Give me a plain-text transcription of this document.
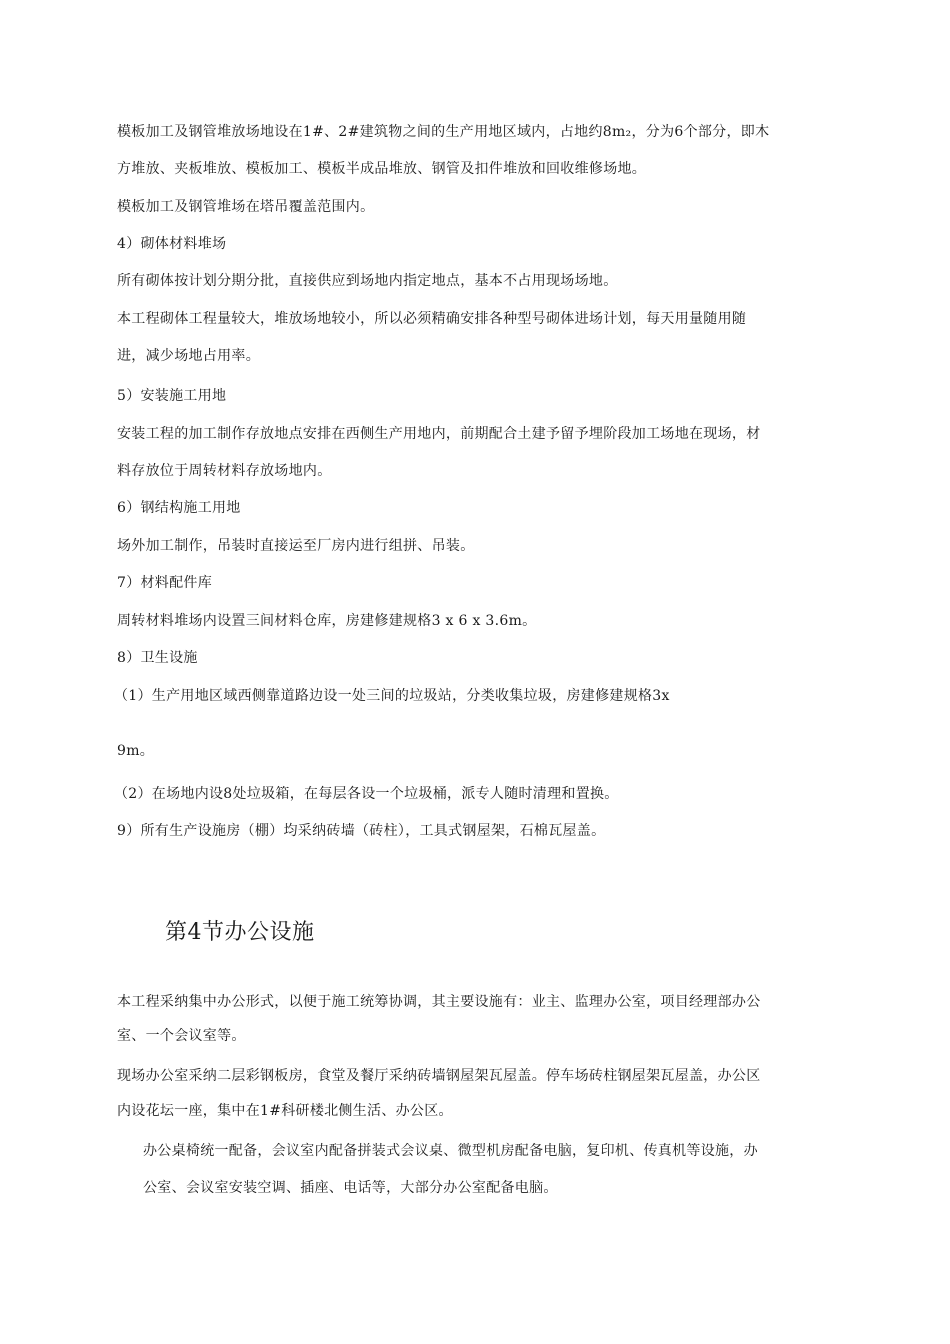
模板加工及钢管堆放场地设在1#、2#建筑物之间的生产用地区域内，占地约8m₂，分为6个部分，即木
方堆放、夹板堆放、模板加工、模板半成品堆放、钢管及扣件堆放和回收维修场地。
模板加工及钢管堆场在塔吊覆盖范围内。
4）砌体材料堆场
所有砌体按计划分期分批，直接供应到场地内指定地点，基本不占用现场场地。
本工程砌体工程量较大，堆放场地较小，所以必须精确安排各种型号砌体进场计划，每天用量随用随
进，减少场地占用率。
5）安装施工用地
安装工程的加工制作存放地点安排在西侧生产用地内，前期配合土建予留予埋阶段加工场地在现场，材
料存放位于周转材料存放场地内。
6）钢结构施工用地
场外加工制作，吊装时直接运至厂房内进行组拼、吊装。
7）材料配件库
周转材料堆场内设置三间材料仓库，房建修建规格3 x 6 x 3.6m。
8）卫生设施
（1）生产用地区域西侧靠道路边设一处三间的垃圾站，分类收集垃圾，房建修建规格3x
9m。
（2）在场地内设8处垃圾箱，在每层各设一个垃圾桶，派专人随时清理和置换。
9）所有生产设施房（棚）均采纳砖墙（砖柱），工具式钢屋架，石棉瓦屋盖。
第4节办公设施
本工程采纳集中办公形式，以便于施工统筹协调，其主要设施有：业主、监理办公室，项目经理部办公
室、一个会议室等。
现场办公室采纳二层彩钢板房，食堂及餐厅采纳砖墙钢屋架瓦屋盖。停车场砖柱钢屋架瓦屋盖，办公区
内设花坛一座，集中在1#科研楼北侧生活、办公区。
办公桌椅统一配备，会议室内配备拼装式会议桌、微型机房配备电脑，复印机、传真机等设施，办
公室、会议室安装空调、插座、电话等，大部分办公室配备电脑。
